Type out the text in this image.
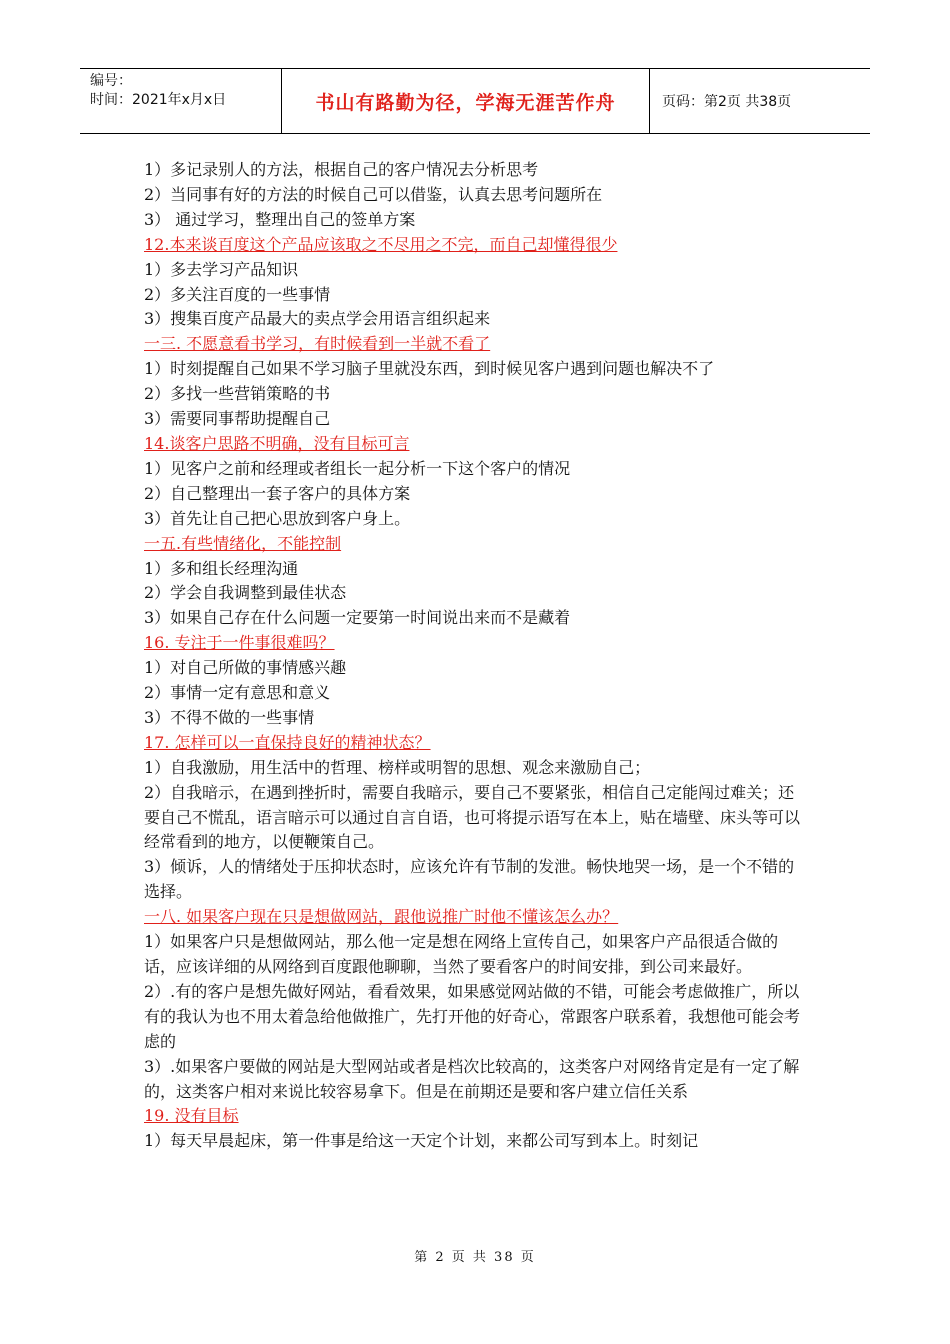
编号：
时间：2021年x月x日	书山有路勤为径，学海无涯苦作舟	页码：第2页 共38页
1）多记录别人的方法，根据自己的客户情况去分析思考
2）当同事有好的方法的时候自己可以借鉴，认真去思考问题所在
3） 通过学习，整理出自己的签单方案
12.本来谈百度这个产品应该取之不尽用之不完，而自己却懂得很少
1）多去学习产品知识
2）多关注百度的一些事情
3）搜集百度产品最大的卖点学会用语言组织起来
一三. 不愿意看书学习，有时候看到一半就不看了
1）时刻提醒自己如果不学习脑子里就没东西，到时候见客户遇到问题也解决不了
2）多找一些营销策略的书
3）需要同事帮助提醒自己
14.谈客户思路不明确，没有目标可言
1）见客户之前和经理或者组长一起分析一下这个客户的情况
2）自己整理出一套子客户的具体方案
3）首先让自己把心思放到客户身上。
一五.有些情绪化，不能控制
1）多和组长经理沟通
2）学会自我调整到最佳状态
3）如果自己存在什么问题一定要第一时间说出来而不是藏着
16. 专注于一件事很难吗？
1）对自己所做的事情感兴趣
2）事情一定有意思和意义
3）不得不做的一些事情
17. 怎样可以一直保持良好的精神状态？
1）自我激励，用生活中的哲理、榜样或明智的思想、观念来激励自己；
2）自我暗示，在遇到挫折时，需要自我暗示，要自己不要紧张，相信自己定能闯过难关；还要自己不慌乱，语言暗示可以通过自言自语，也可将提示语写在本上，贴在墙壁、床头等可以经常看到的地方，以便鞭策自己。
3）倾诉，人的情绪处于压抑状态时，应该允许有节制的发泄。畅快地哭一场，是一个不错的选择。
一八. 如果客户现在只是想做网站，跟他说推广时他不懂该怎么办？
1）如果客户只是想做网站，那么他一定是想在网络上宣传自己，如果客户产品很适合做的话，应该详细的从网络到百度跟他聊聊，当然了要看客户的时间安排，到公司来最好。
2）.有的客户是想先做好网站，看看效果，如果感觉网站做的不错，可能会考虑做推广，所以有的我认为也不用太着急给他做推广，先打开他的好奇心，常跟客户联系着，我想他可能会考虑的
3）.如果客户要做的网站是大型网站或者是档次比较高的，这类客户对网络肯定是有一定了解的，这类客户相对来说比较容易拿下。但是在前期还是要和客户建立信任关系
19. 没有目标
1）每天早晨起床，第一件事是给这一天定个计划，来都公司写到本上。时刻记
第 2 页 共 38 页
